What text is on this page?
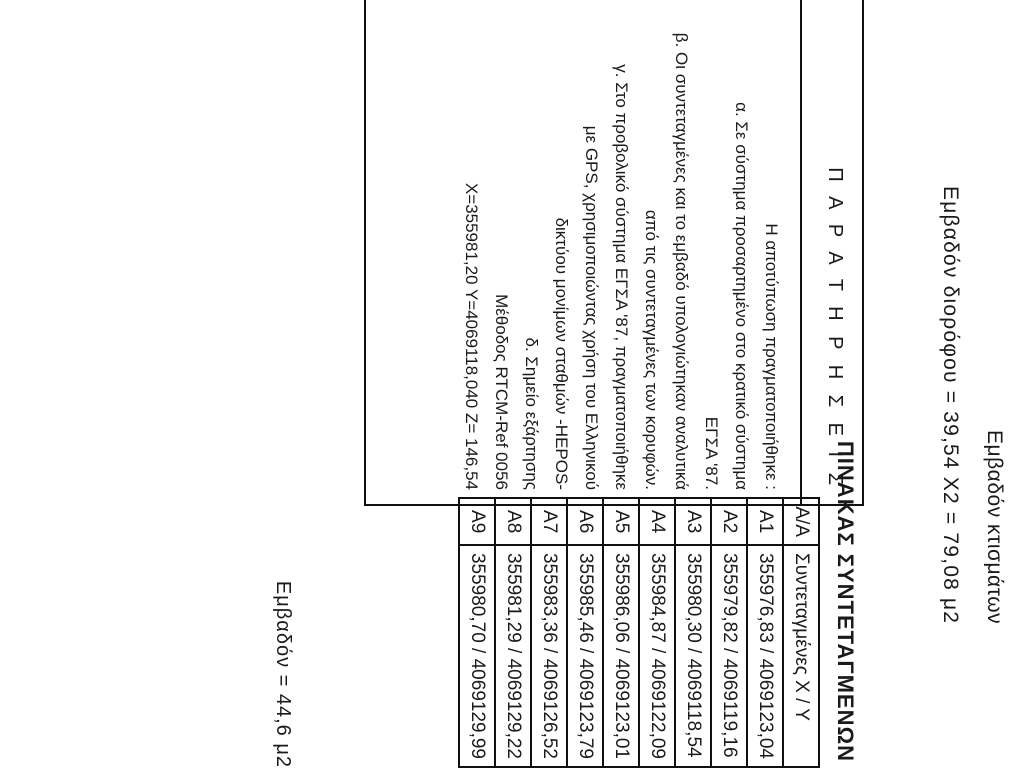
Εμβαδόν κτισμάτων
Εμβαδόν διορόφου = 39,54 Χ2 = 79,08 μ2
Π Α Ρ Α Τ Η Ρ Η Σ Ε Ι Σ
Η αποτύπωση πραγματοποιήθηκε :
α. Σε σύστημα προσαρτημένο στο κρατικό σύστημα
ΕΓΣΑ '87.
β. Οι συντεταγμένες και το εμβαδό υπολογιώτηκαν αναλυτικά
από τις συντεταγμένες των κορυφών.
γ. Στο προβολικό σύστημα ΕΓΣΑ '87, πραγματοποιήθηκε
με GPS, χρησιμοποιώντας χρήση του Ελληνικού
δικτύου μονίμων σταθμών -HEPOS-
δ. Σημείο εξάρτησης
Μέθοδος RTCM-Ref 0056
X=355981,20 Y=4069118,040 Z= 146,54
ΠΙΝΑΚΑΣ ΣΥΝΤΕΤΑΓΜΕΝΩΝ
Α/Α	Συντεταγμένες Χ / Υ
Α1	355976,83 / 4069123,04
Α2	355979,82 / 4069119,16
Α3	355980,30 / 4069118,54
Α4	355984,87 / 4069122,09
Α5	355986,06 / 4069123,01
Α6	355985,46 / 4069123,79
Α7	355983,36 / 4069126,52
Α8	355981,29 / 4069129,22
Α9	355980,70 / 4069129,99
Εμβαδόν = 44,6 μ2
